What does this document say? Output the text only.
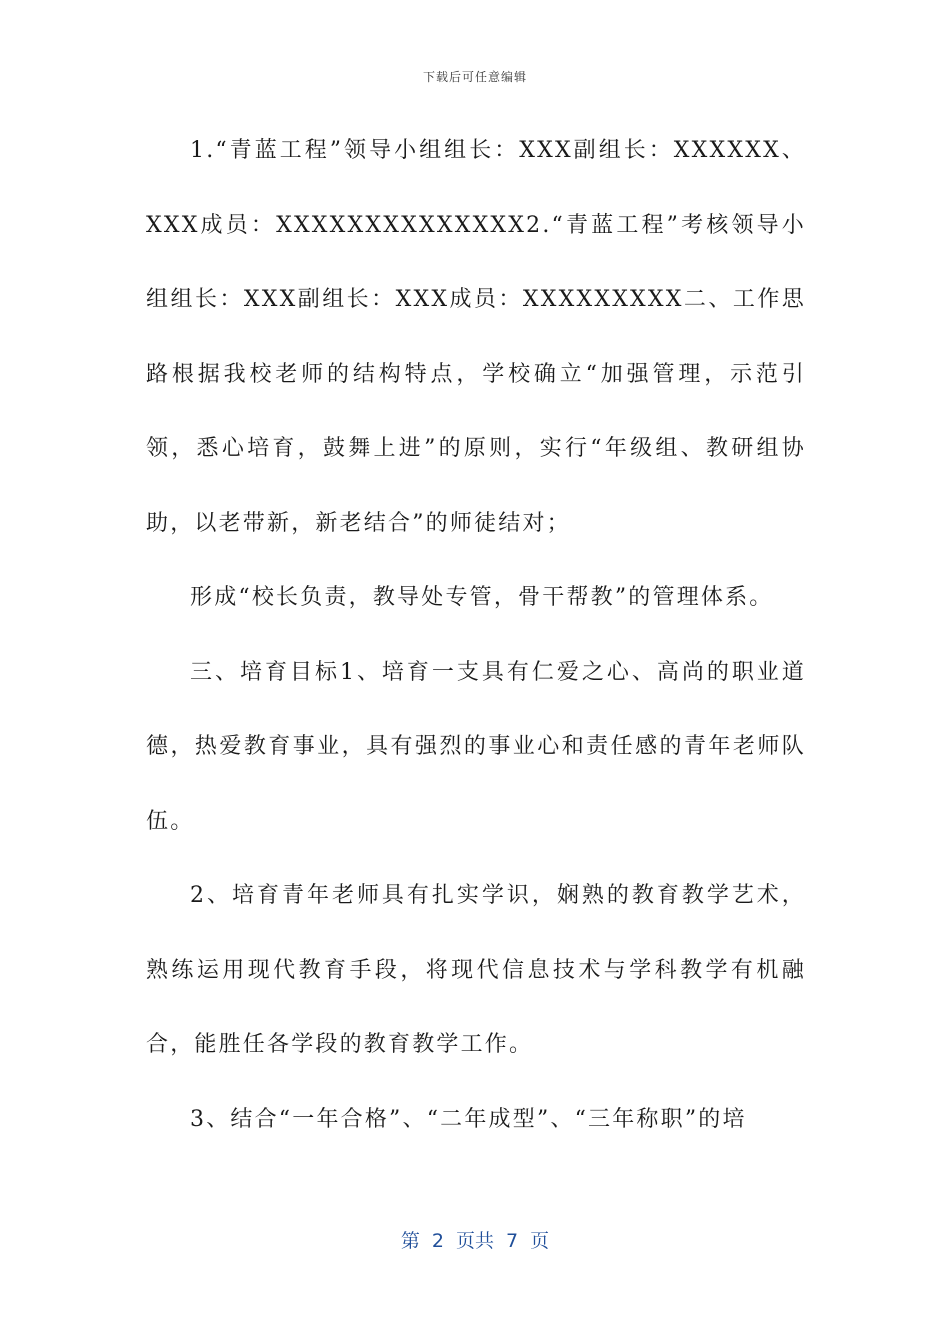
下载后可任意编辑

1.“青蓝工程”领导小组组长：XXX副组长：XXXXXX、XXX成员：XXXXXXXXXXXXXX2.“青蓝工程”考核领导小组组长：XXX副组长：XXX成员：XXXXXXXXX二、工作思路根据我校老师的结构特点，学校确立“加强管理，示范引领，悉心培育，鼓舞上进”的原则，实行“年级组、教研组协助，以老带新，新老结合”的师徒结对；

形成“校长负责，教导处专管，骨干帮教”的管理体系。

三、培育目标1、培育一支具有仁爱之心、高尚的职业道德，热爱教育事业，具有强烈的事业心和责任感的青年老师队伍。

2、培育青年老师具有扎实学识，娴熟的教育教学艺术，熟练运用现代教育手段，将现代信息技术与学科教学有机融合，能胜任各学段的教育教学工作。

3、结合“一年合格”、“二年成型”、“三年称职”的培

第 2 页共 7 页
